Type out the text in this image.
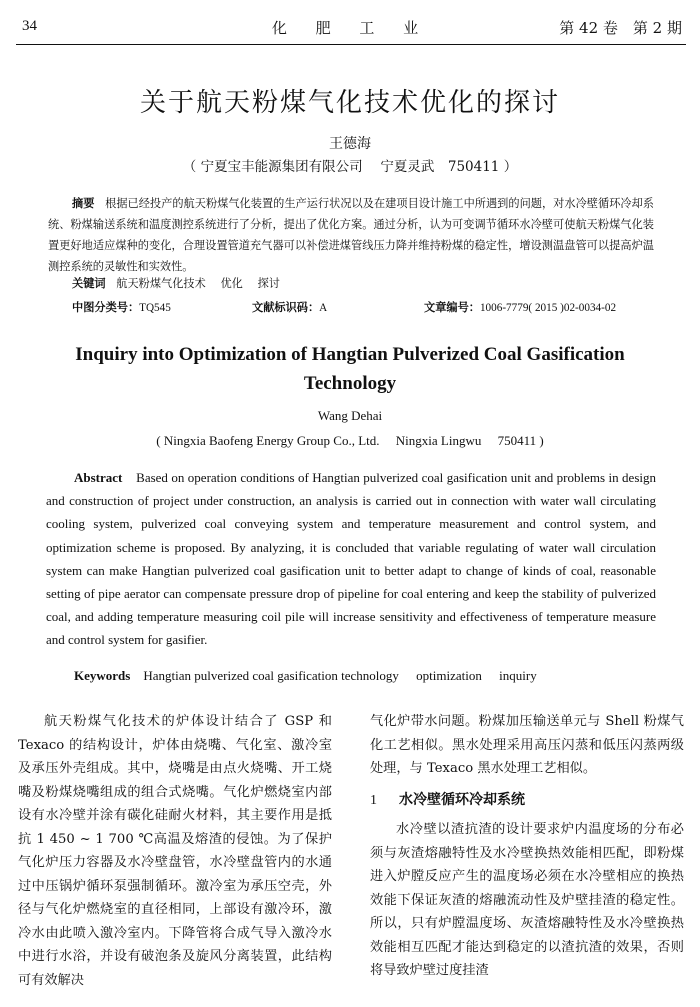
34	化 肥 工 业	第 42 卷　第 2 期
关于航天粉煤气化技术优化的探讨
王德海
（ 宁夏宝丰能源集团有限公司　 宁夏灵武　750411 ）
摘要 根据已经投产的航天粉煤气化装置的生产运行状况以及在建项目设计施工中所遇到的问题，对水冷壁循环冷却系统、粉煤输送系统和温度测控系统进行了分析，提出了优化方案。通过分析，认为可变调节循环水冷壁可使航天粉煤气化装置更好地适应煤种的变化，合理设置管道充气器可以补偿进煤管线压力降并维持粉煤的稳定性，增设测温盘管可以提高炉温测控系统的灵敏性和实效性。
关键词 航天粉煤气化技术　 优化　 探讨
中图分类号：TQ545	文献标识码：A	文章编号：1006-7779( 2015 )02-0034-02
Inquiry into Optimization of Hangtian Pulverized Coal Gasification Technology
Wang Dehai
( Ningxia Baofeng Energy Group Co., Ltd.　 Ningxia Lingwu　 750411 )
Abstract Based on operation conditions of Hangtian pulverized coal gasification unit and problems in design and construction of project under construction, an analysis is carried out in connection with water wall circulating cooling system, pulverized coal conveying system and temperature measurement and control system, and optimization scheme is proposed. By analyzing, it is concluded that variable regulating of water wall circulation system can make Hangtian pulverized coal gasification unit to better adapt to change of kinds of coal, reasonable setting of pipe aerator can compensate pressure drop of pipeline for coal entering and keep the stability of pulverized coal, and adding temperature measuring coil pile will increase sensitivity and effectiveness of temperature measure and control system for gasifier.
Keywords Hangtian pulverized coal gasification technology optimization inquiry

航天粉煤气化技术的炉体设计结合了 GSP 和 Texaco 的结构设计，炉体由烧嘴、气化室、激冷室及承压外壳组成。其中，烧嘴是由点火烧嘴、开工烧嘴及粉煤烧嘴组成的组合式烧嘴。气化炉燃烧室内部设有水冷壁并涂有碳化硅耐火材料，其主要作用是抵抗 1 450 ~ 1 700 ℃高温及熔渣的侵蚀。为了保护气化炉压力容器及水冷壁盘管，水冷壁盘管内的水通过中压锅炉循环泵强制循环。激冷室为承压空壳，外径与气化炉燃烧室的直径相同，上部设有激冷环，激冷水由此喷入激冷室内。下降管将合成气导入激冷水中进行水浴，并设有破泡条及旋风分离装置，此结构可有效解决

气化炉带水问题。粉煤加压输送单元与 Shell 粉煤气化工艺相似。黑水处理采用高压闪蒸和低压闪蒸两级处理，与 Texaco 黑水处理工艺相似。

1 水冷壁循环冷却系统

水冷壁以渣抗渣的设计要求炉内温度场的分布必须与灰渣熔融特性及水冷壁换热效能相匹配，即粉煤进入炉膛反应产生的温度场必须在水冷壁相应的换热效能下保证灰渣的熔融流动性及炉壁挂渣的稳定性。所以，只有炉膛温度场、灰渣熔融特性及水冷壁换热效能相互匹配才能达到稳定的以渣抗渣的效果，否则将导致炉壁过度挂渣
